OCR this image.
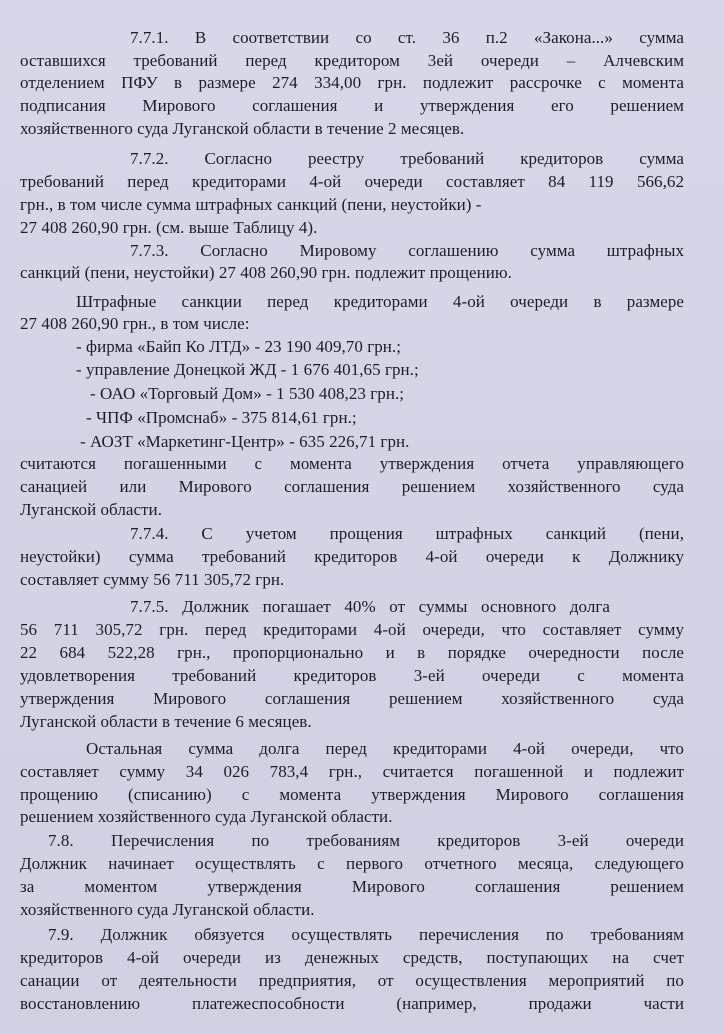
7.7.1. В соответствии со ст. 36 п.2 «Закона...» сумма
оставшихся требований перед кредитором 3ей очереди – Алчевским
отделением ПФУ в размере 274 334,00 грн. подлежит рассрочке с момента
подписания Мирового соглашения и утверждения его решением
хозяйственного суда Луганской области в течение 2 месяцев.
7.7.2. Согласно реестру требований кредиторов сумма
требований перед кредиторами 4-ой очереди составляет 84 119 566,62
грн., в том числе сумма штрафных санкций (пени, неустойки) -
27 408 260,90 грн. (см. выше Таблицу 4).
7.7.3. Согласно Мировому соглашению сумма штрафных
санкций (пени, неустойки) 27 408 260,90 грн. подлежит прощению.
Штрафные санкции перед кредиторами 4-ой очереди в размере
27 408 260,90 грн., в том числе:
- фирма «Байп Ко ЛТД» - 23 190 409,70 грн.;
- управление Донецкой ЖД - 1 676 401,65 грн.;
- ОАО «Торговый Дом» - 1 530 408,23 грн.;
- ЧПФ «Промснаб» - 375 814,61 грн.;
- АОЗТ «Маркетинг-Центр» - 635 226,71 грн.
считаются погашенными с момента утверждения отчета управляющего
санацией или Мирового соглашения решением хозяйственного суда
Луганской области.
7.7.4. С учетом прощения штрафных санкций (пени,
неустойки) сумма требований кредиторов 4-ой очереди к Должнику
составляет сумму 56 711 305,72 грн.
7.7.5. Должник погашает 40% от суммы основного долга
56 711 305,72 грн. перед кредиторами 4-ой очереди, что составляет сумму
22 684 522,28 грн., пропорционально и в порядке очередности после
удовлетворения требований кредиторов 3-ей очереди с момента
утверждения Мирового соглашения решением хозяйственного суда
Луганской области в течение 6 месяцев.
Остальная сумма долга перед кредиторами 4-ой очереди, что
составляет сумму 34 026 783,4 грн., считается погашенной и подлежит
прощению (списанию) с момента утверждения Мирового соглашения
решением хозяйственного суда Луганской области.
7.8. Перечисления по требованиям кредиторов 3-ей очереди
Должник начинает осуществлять с первого отчетного месяца, следующего
за моментом утверждения Мирового соглашения решением
хозяйственного суда Луганской области.
7.9. Должник обязуется осуществлять перечисления по требованиям
кредиторов 4-ой очереди из денежных средств, поступающих на счет
санации от деятельности предприятия, от осуществления мероприятий по
восстановлению платежеспособности (например, продажи части
